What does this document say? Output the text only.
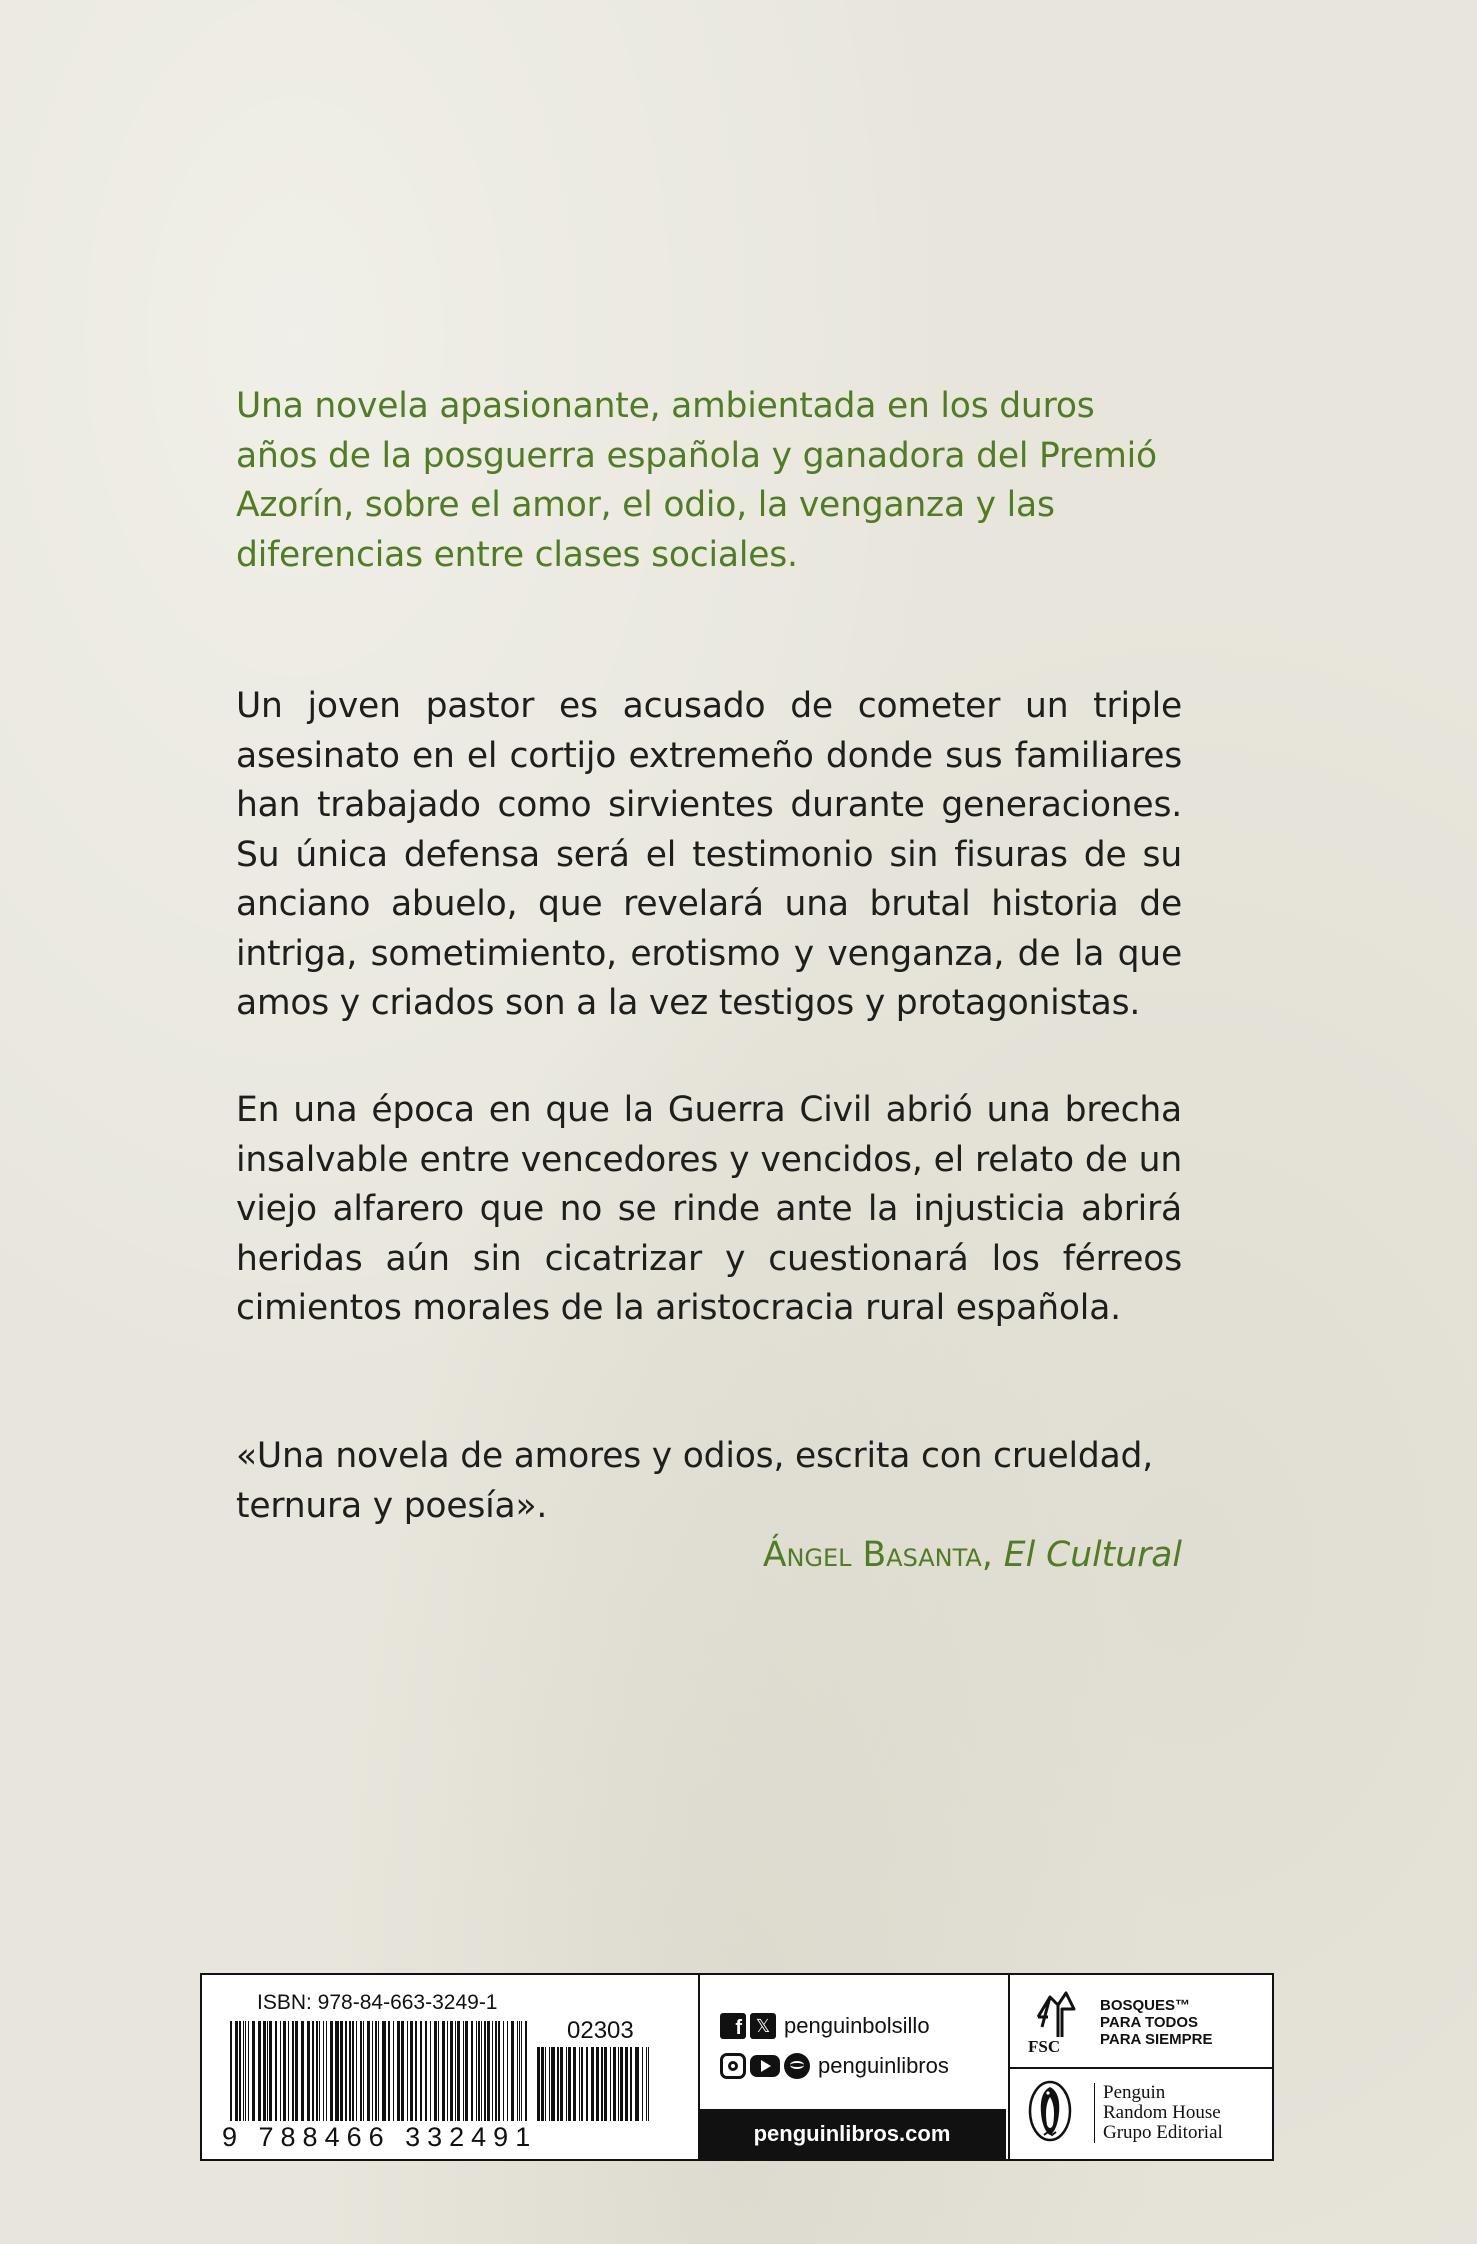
Una novela apasionante, ambientada en los duros años de la posguerra española y ganadora del Premió Azorín, sobre el amor, el odio, la venganza y las diferencias entre clases sociales.
Un joven pastor es acusado de cometer un triple asesinato en el cortijo extremeño donde sus familiares han trabajado como sirvientes durante generaciones. Su única defensa será el testimonio sin fisuras de su anciano abuelo, que revelará una brutal historia de intriga, sometimiento, erotismo y venganza, de la que amos y criados son a la vez testigos y protagonistas.
En una época en que la Guerra Civil abrió una brecha insalvable entre vencedores y vencidos, el relato de un viejo alfarero que no se rinde ante la injusticia abrirá heridas aún sin cicatrizar y cuestionará los férreos cimientos morales de la aristocracia rural española.
«Una novela de amores y odios, escrita con crueldad, ternura y poesía».
Ángel Basanta, El Cultural
ISBN: 978-84-663-3249-1
02303
9 788466 332491
f 𝕏 penguinbolsillo
penguinlibros
penguinlibros.com
FSC
BOSQUES™
PARA TODOS
PARA SIEMPRE
Penguin
Random House
Grupo Editorial
